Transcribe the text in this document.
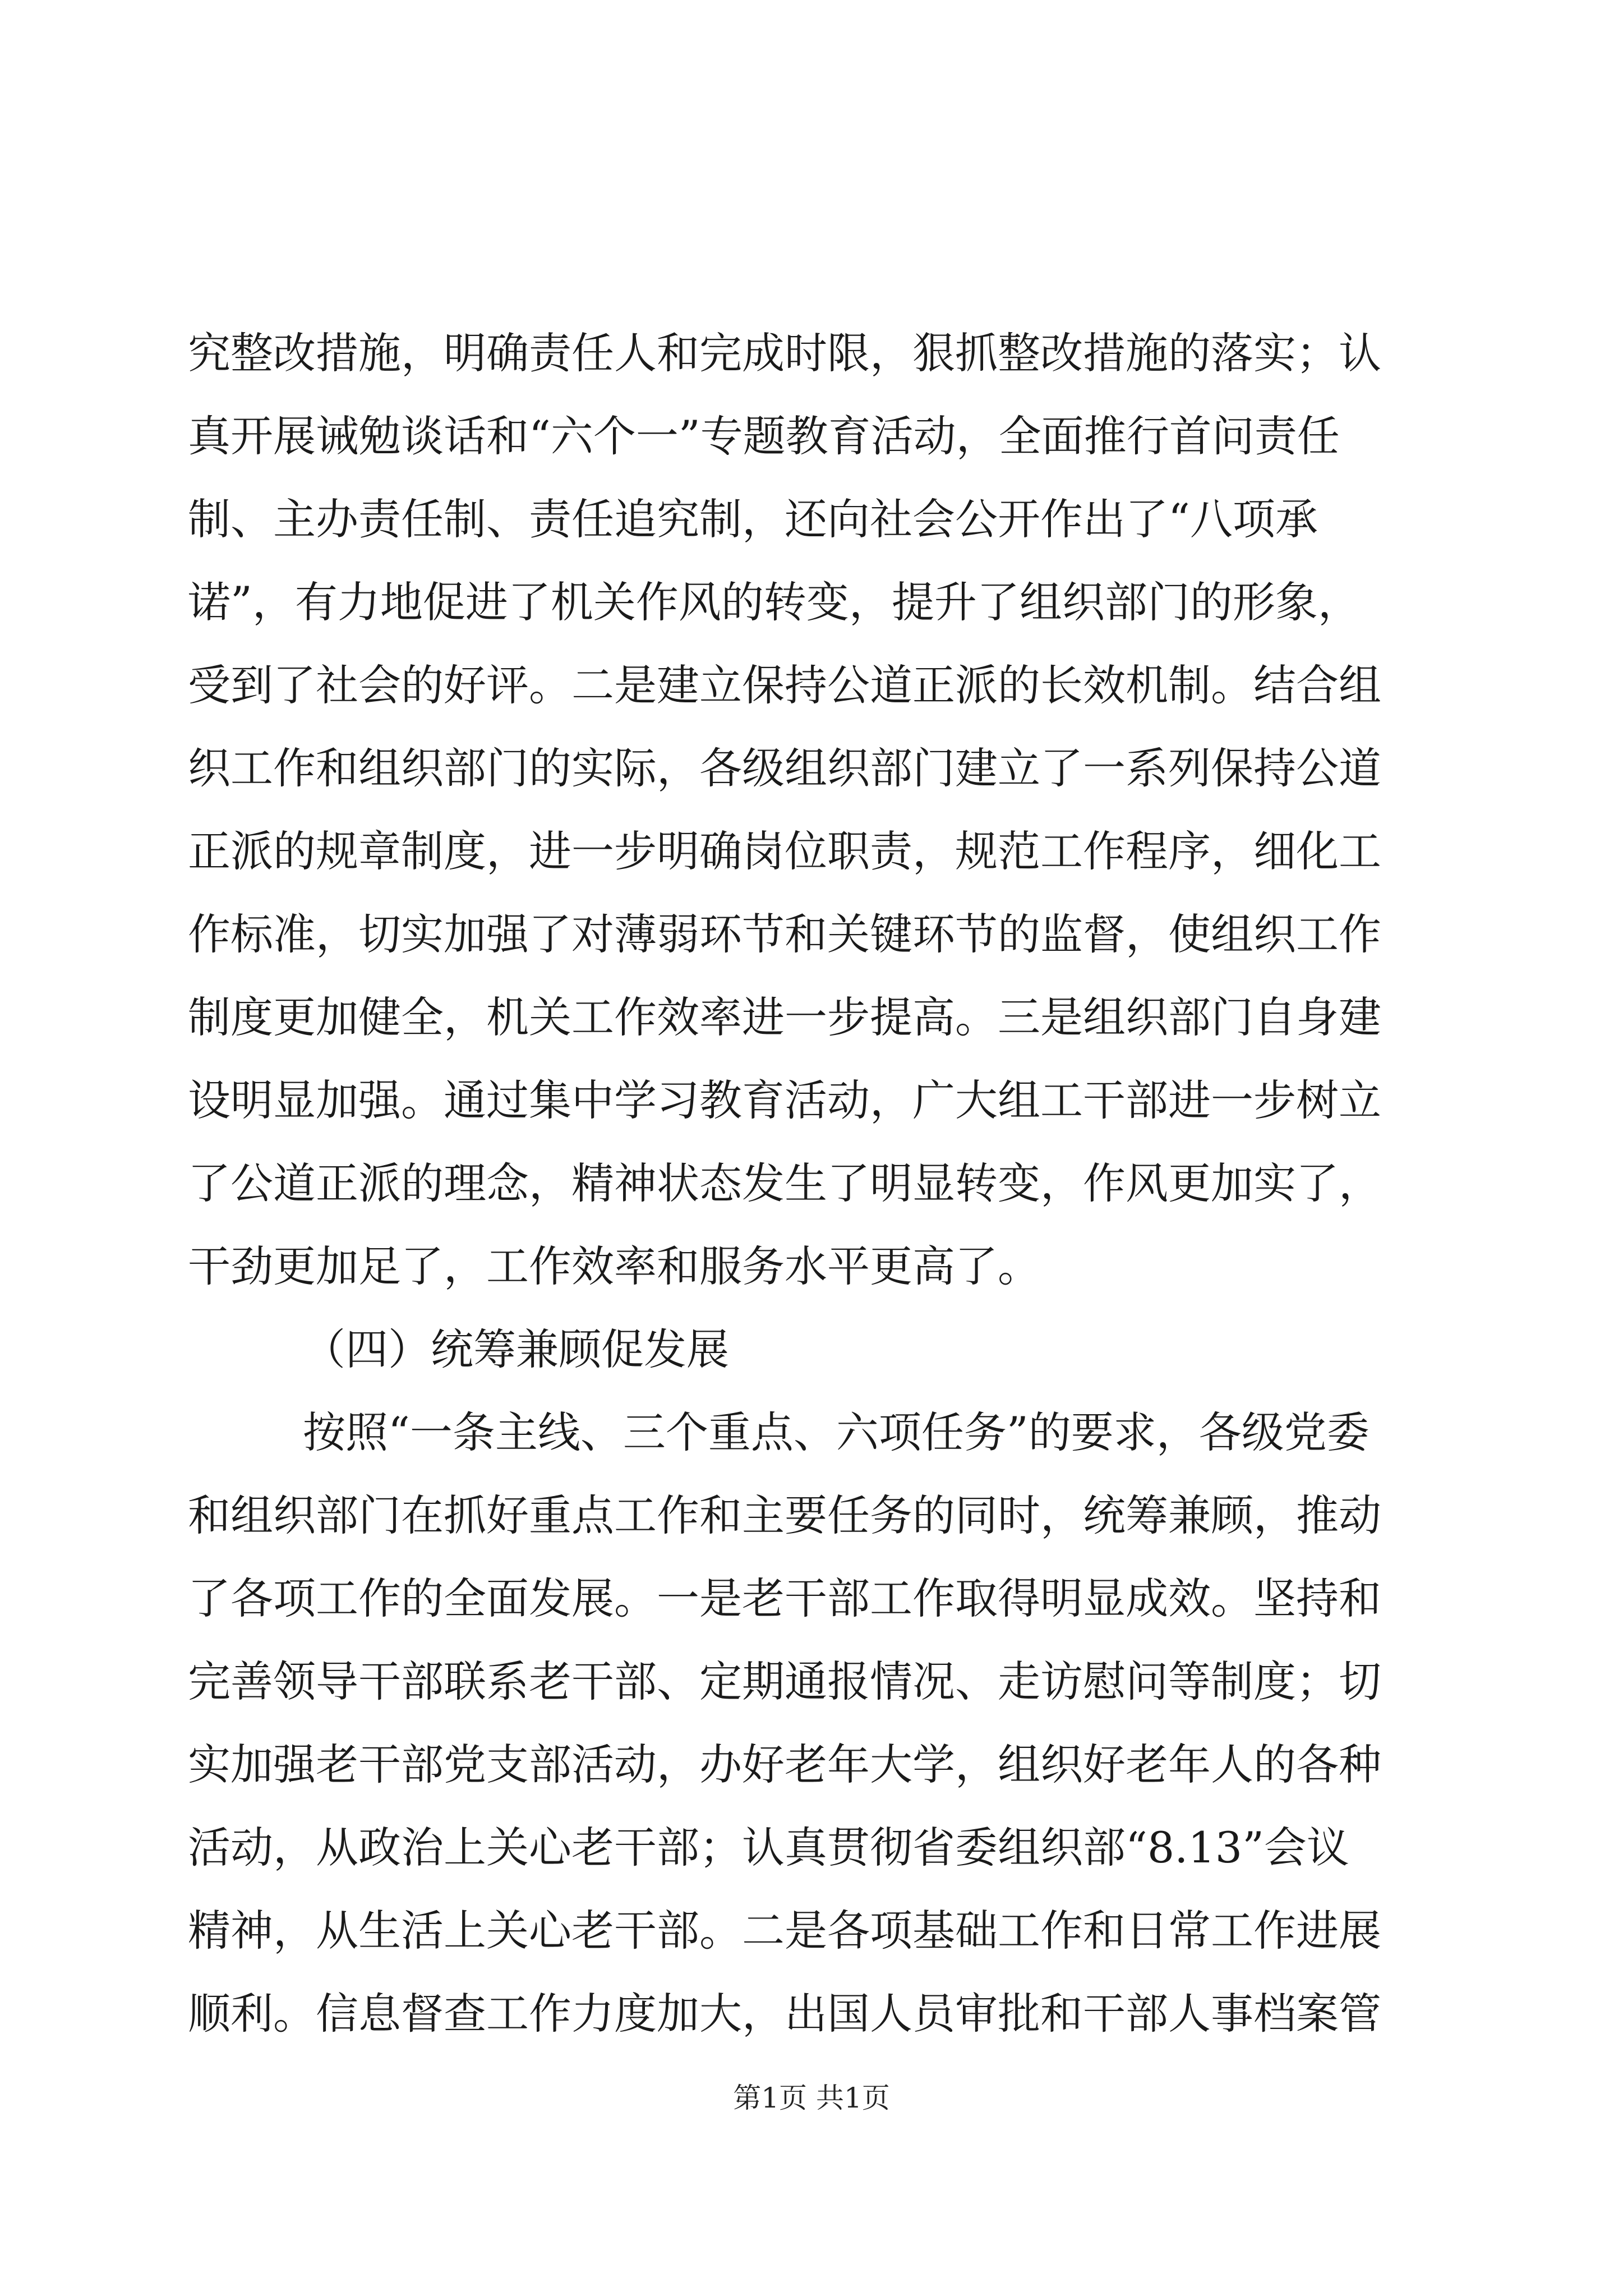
究整改措施，明确责任人和完成时限，狠抓整改措施的落实；认
真开展诫勉谈话和“六个一”专题教育活动，全面推行首问责任
制、主办责任制、责任追究制，还向社会公开作出了“八项承
诺”，有力地促进了机关作风的转变，提升了组织部门的形象，
受到了社会的好评。二是建立保持公道正派的长效机制。结合组
织工作和组织部门的实际，各级组织部门建立了一系列保持公道
正派的规章制度，进一步明确岗位职责，规范工作程序，细化工
作标准，切实加强了对薄弱环节和关键环节的监督，使组织工作
制度更加健全，机关工作效率进一步提高。三是组织部门自身建
设明显加强。通过集中学习教育活动，广大组工干部进一步树立
了公道正派的理念，精神状态发生了明显转变，作风更加实了，
干劲更加足了，工作效率和服务水平更高了。
（四）统筹兼顾促发展
按照“一条主线、三个重点、六项任务”的要求，各级党委
和组织部门在抓好重点工作和主要任务的同时，统筹兼顾，推动
了各项工作的全面发展。一是老干部工作取得明显成效。坚持和
完善领导干部联系老干部、定期通报情况、走访慰问等制度；切
实加强老干部党支部活动，办好老年大学，组织好老年人的各种
活动，从政治上关心老干部；认真贯彻省委组织部“8.13”会议
精神，从生活上关心老干部。二是各项基础工作和日常工作进展
顺利。信息督查工作力度加大，出国人员审批和干部人事档案管
第1页 共1页
